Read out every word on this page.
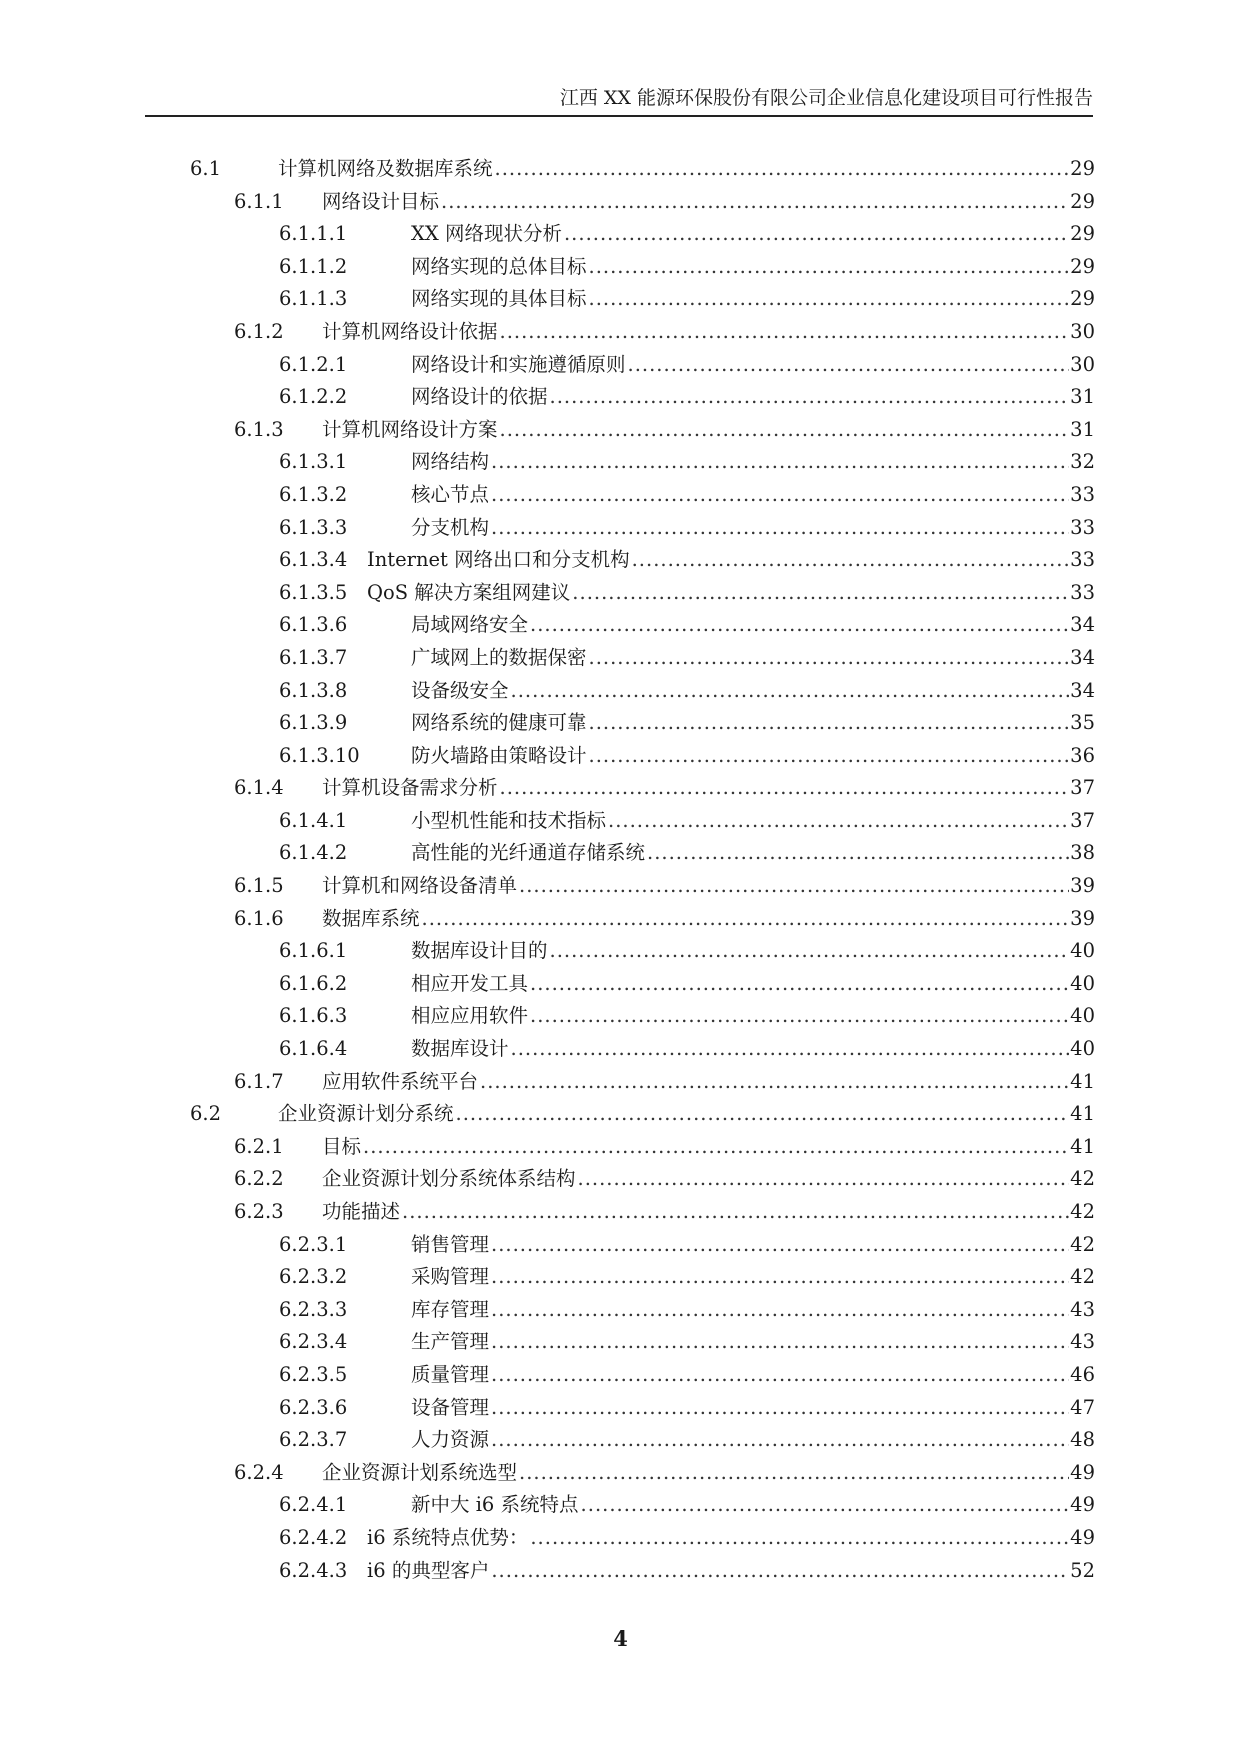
江西 XX 能源环保股份有限公司企业信息化建设项目可行性报告
6.1	计算机网络及数据库系统 .....	29
6.1.1 网络设计目标 .....	29
6.1.1.1	XX 网络现状分析 .....	29
6.1.1.2	网络实现的总体目标 .....	29
6.1.1.3	网络实现的具体目标 .....	29
6.1.2 计算机网络设计依据 .....	30
6.1.2.1	网络设计和实施遵循原则 .....	30
6.1.2.2	网络设计的依据 .....	31
6.1.3 计算机网络设计方案 .....	31
6.1.3.1	网络结构 .....	32
6.1.3.2	核心节点 .....	33
6.1.3.3	分支机构 .....	33
6.1.3.4 Internet 网络出口和分支机构 .....	33
6.1.3.5 QoS 解决方案组网建议 .....	33
6.1.3.6	局域网络安全 .....	34
6.1.3.7	广域网上的数据保密 .....	34
6.1.3.8	设备级安全 .....	34
6.1.3.9	网络系统的健康可靠 .....	35
6.1.3.10	防火墙路由策略设计 .....	36
6.1.4 计算机设备需求分析 .....	37
6.1.4.1	小型机性能和技术指标 .....	37
6.1.4.2	高性能的光纤通道存储系统 .....	38
6.1.5 计算机和网络设备清单 .....	39
6.1.6 数据库系统 .....	39
6.1.6.1	数据库设计目的 .....	40
6.1.6.2	相应开发工具 .....	40
6.1.6.3	相应应用软件 .....	40
6.1.6.4	数据库设计 .....	40
6.1.7 应用软件系统平台 .....	41
6.2	企业资源计划分系统 .....	41
6.2.1 目标 .....	41
6.2.2 企业资源计划分系统体系结构 .....	42
6.2.3 功能描述 .....	42
6.2.3.1	销售管理 .....	42
6.2.3.2	采购管理 .....	42
6.2.3.3	库存管理 .....	43
6.2.3.4	生产管理 .....	43
6.2.3.5	质量管理 .....	46
6.2.3.6	设备管理 .....	47
6.2.3.7	人力资源 .....	48
6.2.4 企业资源计划系统选型 .....	49
6.2.4.1	新中大 i6 系统特点 .....	49
6.2.4.2 i6 系统特点优势： .....	49
6.2.4.3 i6 的典型客户 .....	52
4
